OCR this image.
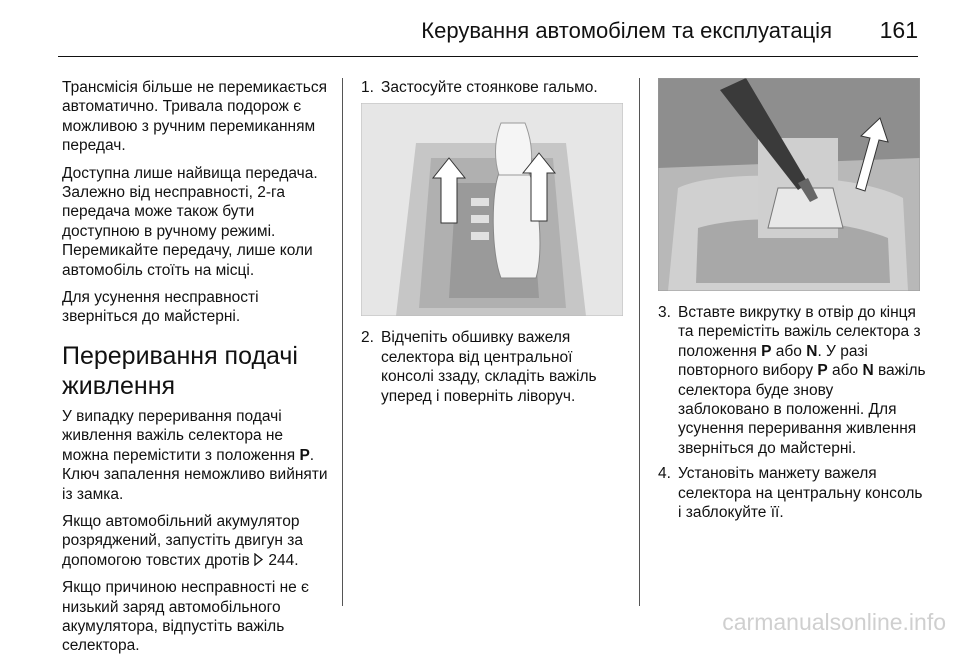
Керування автомобілем та експлуатація 161

Трансмісія більше не перемикається автоматично. Тривала подорож є можливою з ручним перемиканням передач.

Доступна лише найвища передача. Залежно від несправності, 2-га передача може також бути доступною в ручному режимі. Перемикайте передачу, лише коли автомобіль стоїть на місці.

Для усунення несправності зверніться до майстерні.

Переривання подачі живлення

У випадку переривання подачі живлення важіль селектора не можна перемістити з положення P. Ключ запалення неможливо вийняти із замка.

Якщо автомобільний акумулятор розряджений, запустіть двигун за допомогою товстих дротів  244.

Якщо причиною несправності не є низький заряд автомобільного акумулятора, відпустіть важіль селектора.

1. Застосуйте стоянкове гальмо.
2. Відчепіть обшивку важеля селектора від центральної консолі ззаду, складіть важіль уперед і поверніть ліворуч.
3. Вставте викрутку в отвір до кінця та перемістіть важіль селектора з положення P або N. У разі повторного вибору P або N важіль селектора буде знову заблоковано в положенні. Для усунення переривання живлення зверніться до майстерні.
4. Установіть манжету важеля селектора на центральну консоль і заблокуйте її.
carmanualsonline.info
